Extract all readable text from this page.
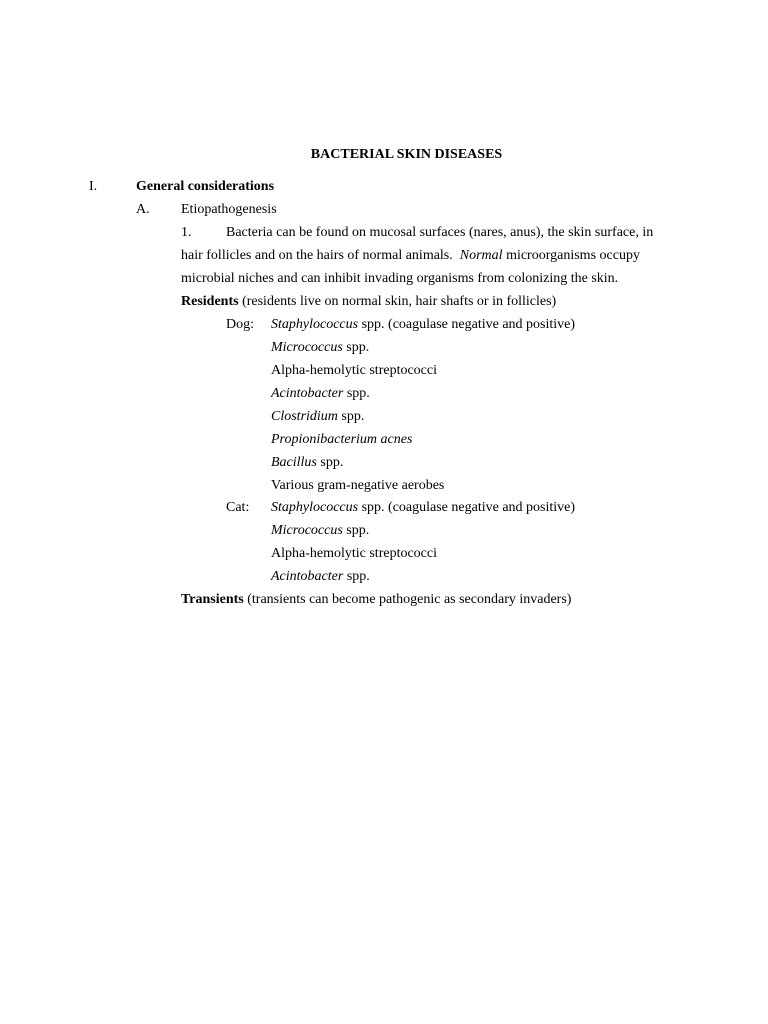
BACTERIAL SKIN DISEASES
I.	General considerations
A. Etiopathogenesis
1. Bacteria can be found on mucosal surfaces (nares, anus), the skin surface, in hair follicles and on the hairs of normal animals. Normal microorganisms occupy microbial niches and can inhibit invading organisms from colonizing the skin.
Residents (residents live on normal skin, hair shafts or in follicles)
Dog: Staphylococcus spp. (coagulase negative and positive)
Micrococcus spp.
Alpha-hemolytic streptococci
Acintobacter spp.
Clostridium spp.
Propionibacterium acnes
Bacillus spp.
Various gram-negative aerobes
Cat: Staphylococcus spp. (coagulase negative and positive)
Micrococcus spp.
Alpha-hemolytic streptococci
Acintobacter spp.
Transients (transients can become pathogenic as secondary invaders)
